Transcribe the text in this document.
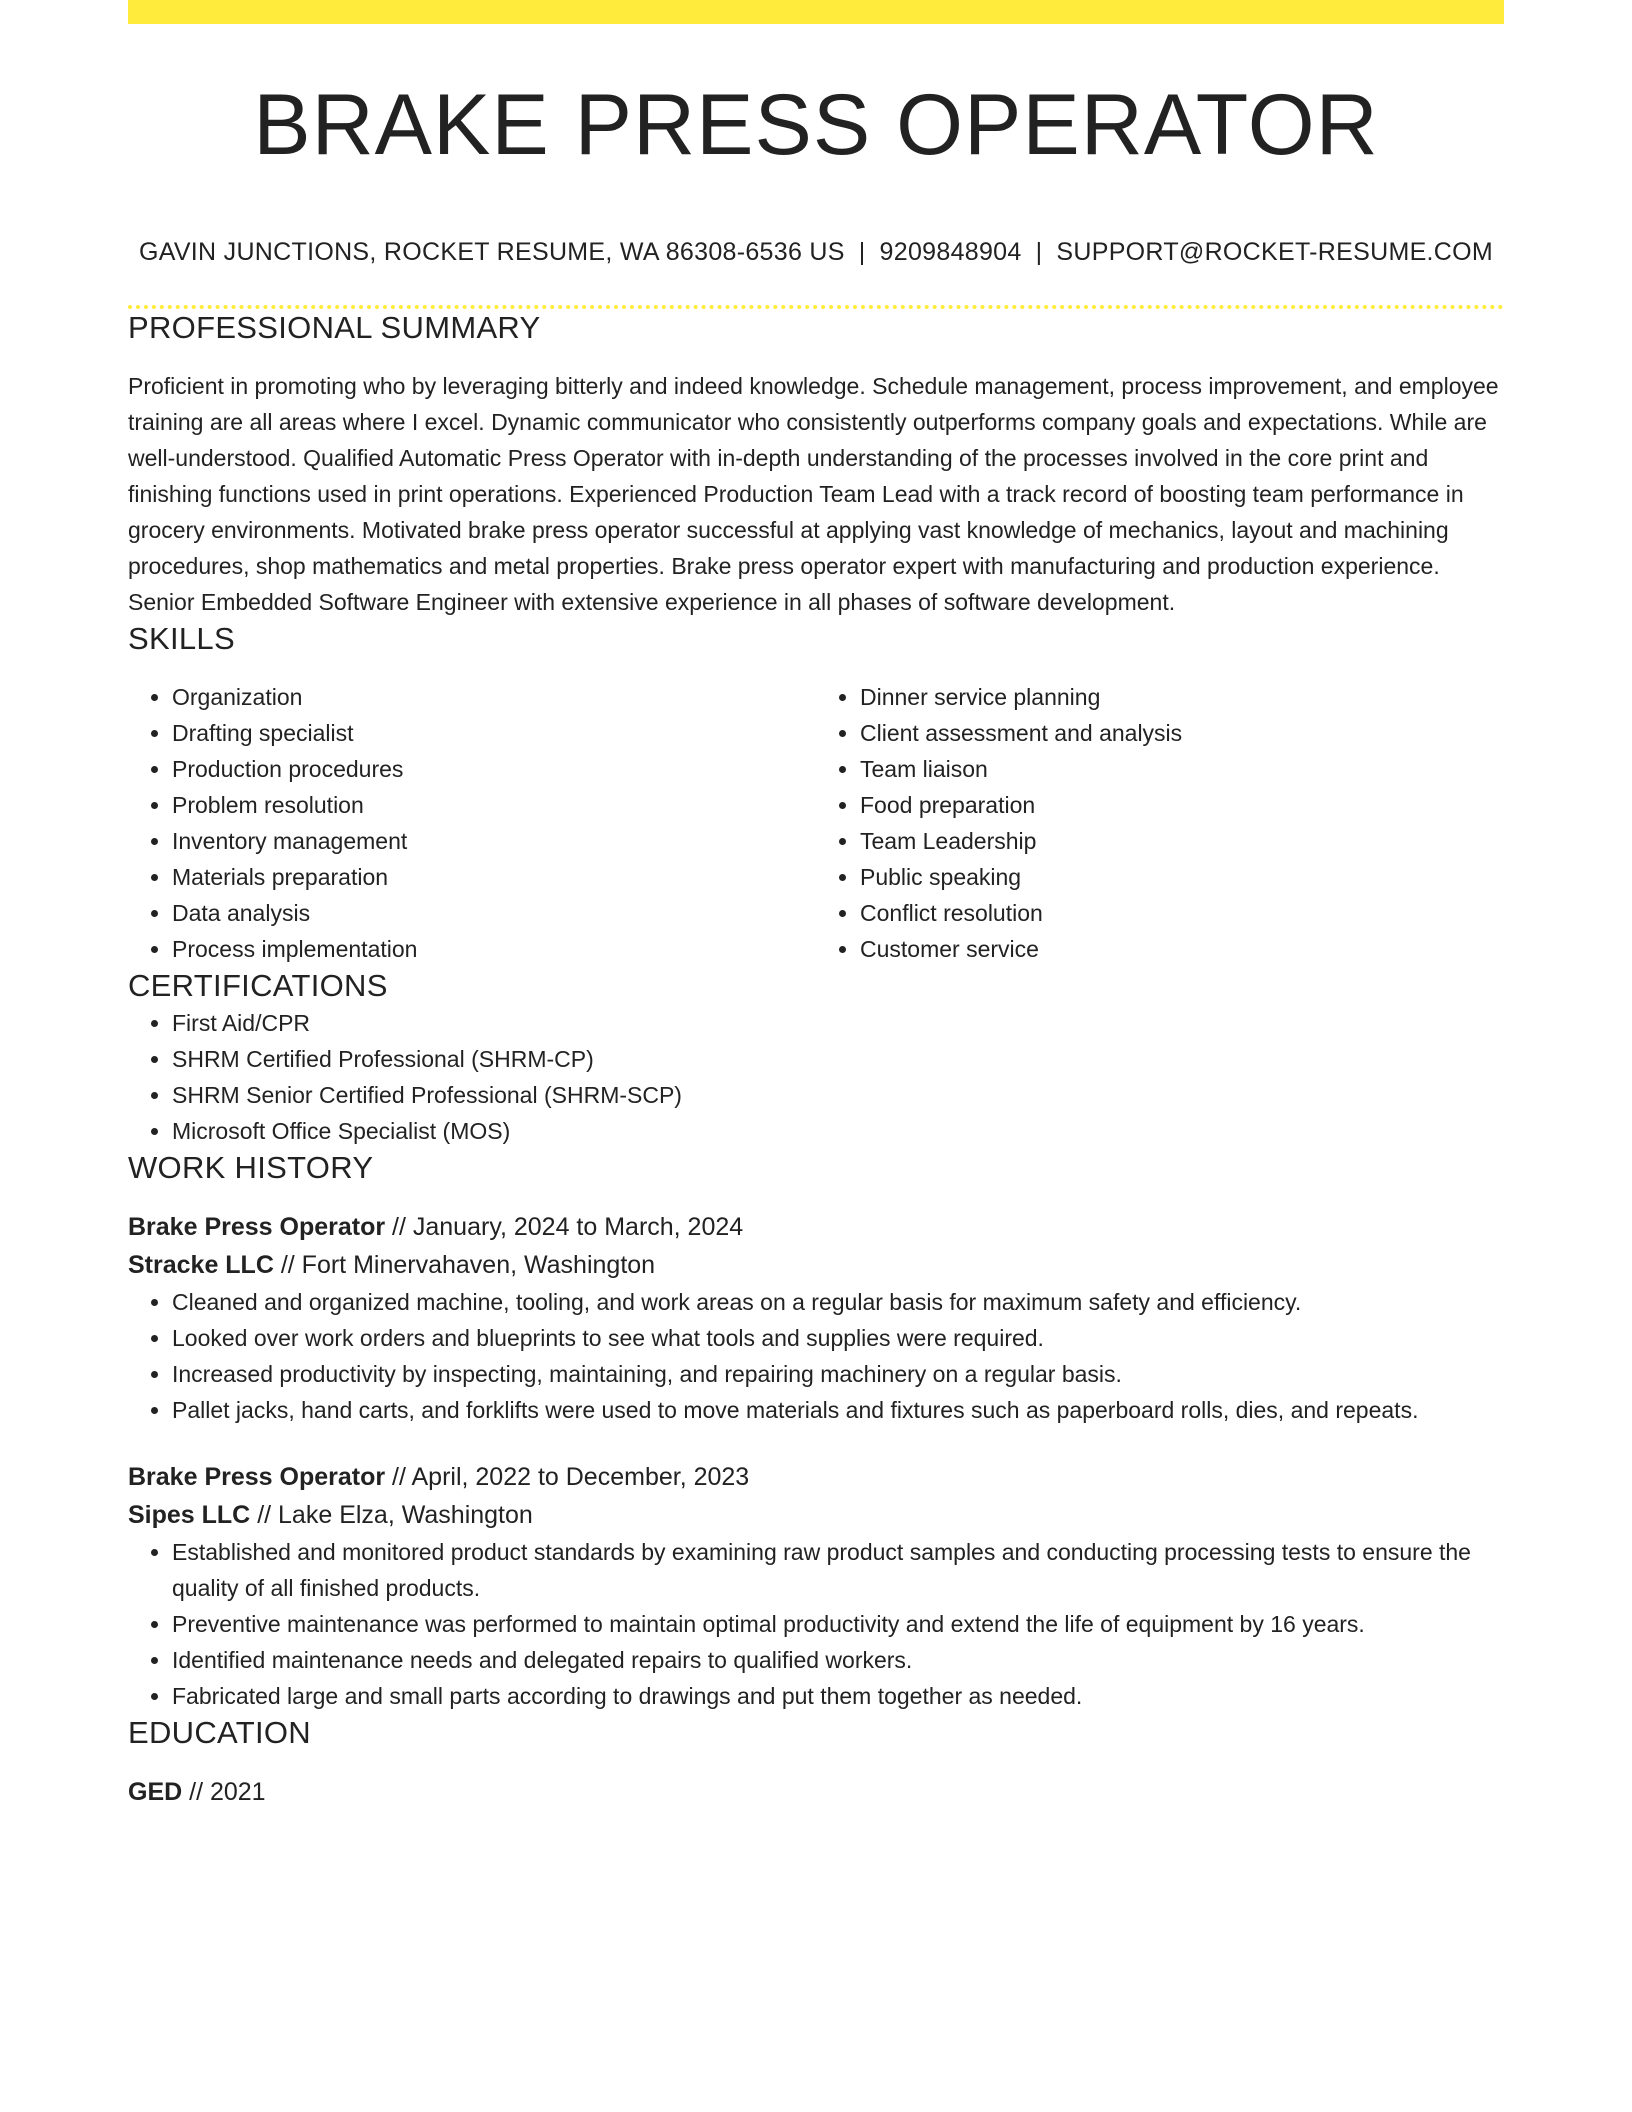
BRAKE PRESS OPERATOR
GAVIN JUNCTIONS, ROCKET RESUME, WA 86308-6536 US | 9209848904 | SUPPORT@ROCKET-RESUME.COM
PROFESSIONAL SUMMARY

Proficient in promoting who by leveraging bitterly and indeed knowledge. Schedule management, process improvement, and employee training are all areas where I excel. Dynamic communicator who consistently outperforms company goals and expectations. While are well-understood. Qualified Automatic Press Operator with in-depth understanding of the processes involved in the core print and finishing functions used in print operations. Experienced Production Team Lead with a track record of boosting team performance in grocery environments. Motivated brake press operator successful at applying vast knowledge of mechanics, layout and machining procedures, shop mathematics and metal properties. Brake press operator expert with manufacturing and production experience. Senior Embedded Software Engineer with extensive experience in all phases of software development.

SKILLS
• Organization
• Drafting specialist
• Production procedures
• Problem resolution
• Inventory management
• Materials preparation
• Data analysis
• Process implementation
• Dinner service planning
• Client assessment and analysis
• Team liaison
• Food preparation
• Team Leadership
• Public speaking
• Conflict resolution
• Customer service
CERTIFICATIONS
• First Aid/CPR
• SHRM Certified Professional (SHRM-CP)
• SHRM Senior Certified Professional (SHRM-SCP)
• Microsoft Office Specialist (MOS)
WORK HISTORY
Brake Press Operator // January, 2024 to March, 2024
Stracke LLC // Fort Minervahaven, Washington
• Cleaned and organized machine, tooling, and work areas on a regular basis for maximum safety and efficiency.
• Looked over work orders and blueprints to see what tools and supplies were required.
• Increased productivity by inspecting, maintaining, and repairing machinery on a regular basis.
• Pallet jacks, hand carts, and forklifts were used to move materials and fixtures such as paperboard rolls, dies, and repeats.
Brake Press Operator // April, 2022 to December, 2023
Sipes LLC // Lake Elza, Washington
• Established and monitored product standards by examining raw product samples and conducting processing tests to ensure the quality of all finished products.
• Preventive maintenance was performed to maintain optimal productivity and extend the life of equipment by 16 years.
• Identified maintenance needs and delegated repairs to qualified workers.
• Fabricated large and small parts according to drawings and put them together as needed.
EDUCATION
GED // 2021
